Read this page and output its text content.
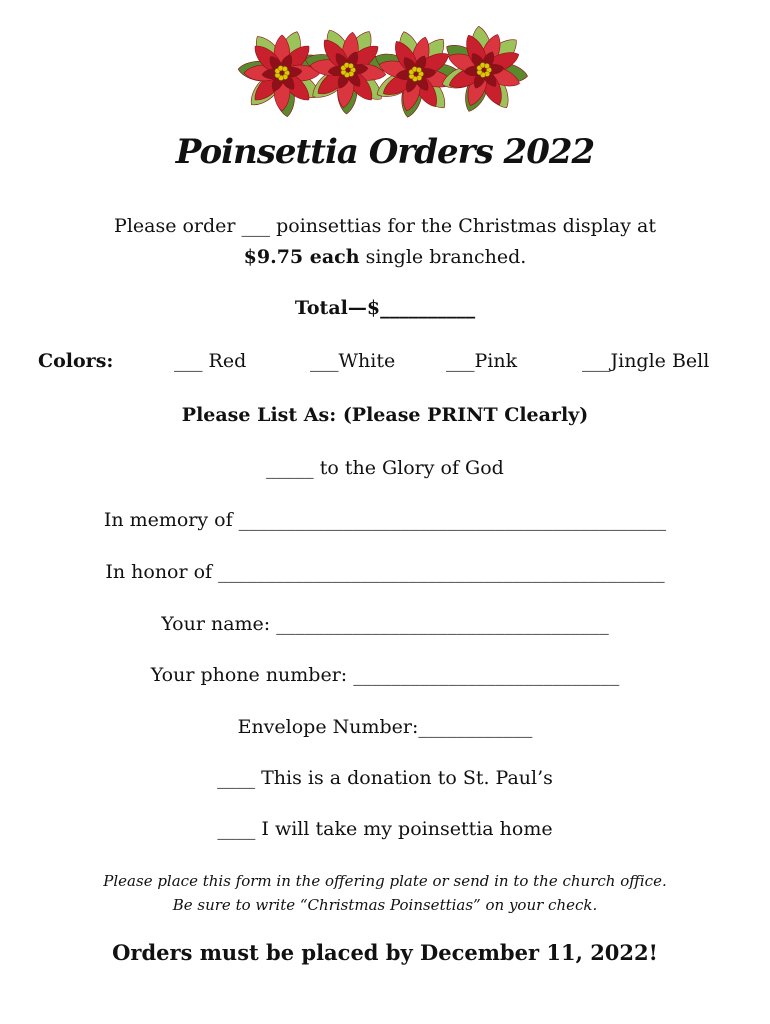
Poinsettia Orders 2022
Please order ___ poinsettias for the Christmas display at
$9.75 each single branched.
Total—$__________
Colors:	___ Red	___White	___Pink	___Jingle Bell
Please List As: (Please PRINT Clearly)
_____ to the Glory of God
In memory of _____________________________________________
In honor of _______________________________________________
Your name: ___________________________________
Your phone number: ____________________________
Envelope Number:____________
____ This is a donation to St. Paul’s
____ I will take my poinsettia home
Please place this form in the offering plate or send in to the church office.
Be sure to write “Christmas Poinsettias” on your check.
Orders must be placed by December 11, 2022!
